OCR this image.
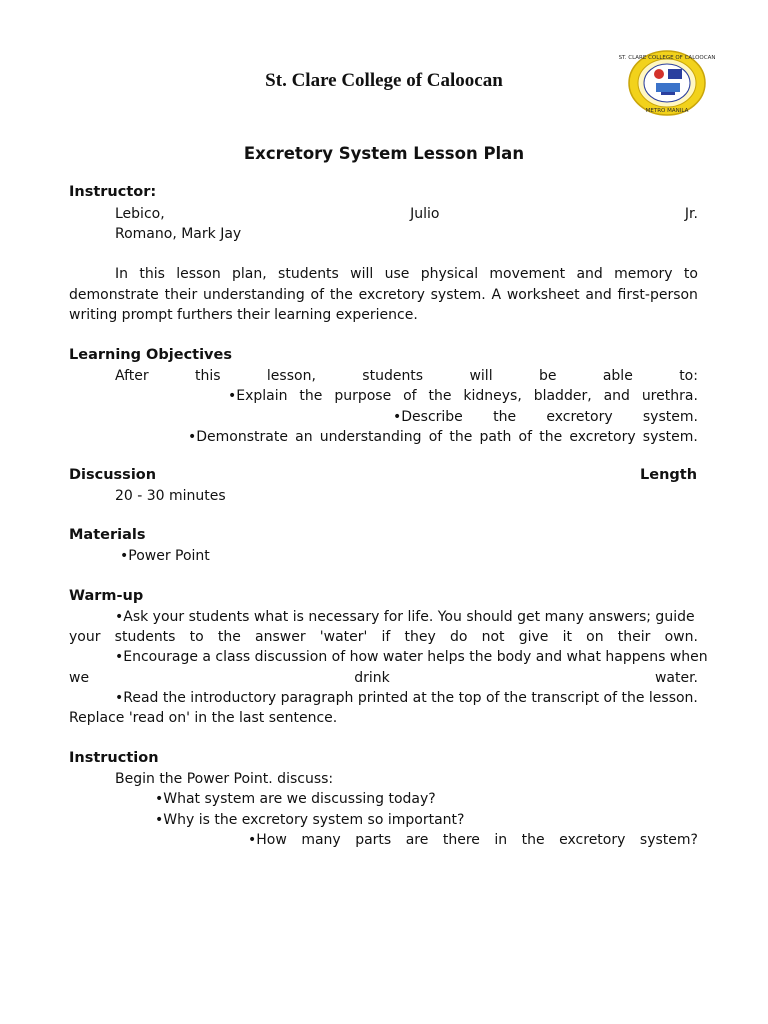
St. Clare College of Caloocan
ST. CLARE COLLEGE OF CALOOCAN
METRO MANILA
Excretory System Lesson Plan
Instructor:
Lebico,	Julio	Jr.
Romano, Mark Jay
In this lesson plan, students will use physical movement and memory to
demonstrate their understanding of the excretory system. A worksheet and first-person
writing prompt furthers their learning experience.
Learning Objectives
After	this	lesson,	students	will	be	able	to:
•Explain the purpose of the kidneys, bladder, and urethra.
•Describe the excretory system.
•Demonstrate an understanding of the path of the excretory system.
Discussion	Length
20 - 30 minutes
Materials
•Power Point
Warm-up
•Ask your students what is necessary for life. You should get many answers; guide
your students to the answer 'water' if they do not give it on their own.
•Encourage a class discussion of how water helps the body and what happens when
we	drink	water.
•Read the introductory paragraph printed at the top of the transcript of the lesson.
Replace 'read on' in the last sentence.
Instruction
Begin the Power Point. discuss:
•What system are we discussing today?
•Why is the excretory system so important?
•How many parts are there in the excretory system?
